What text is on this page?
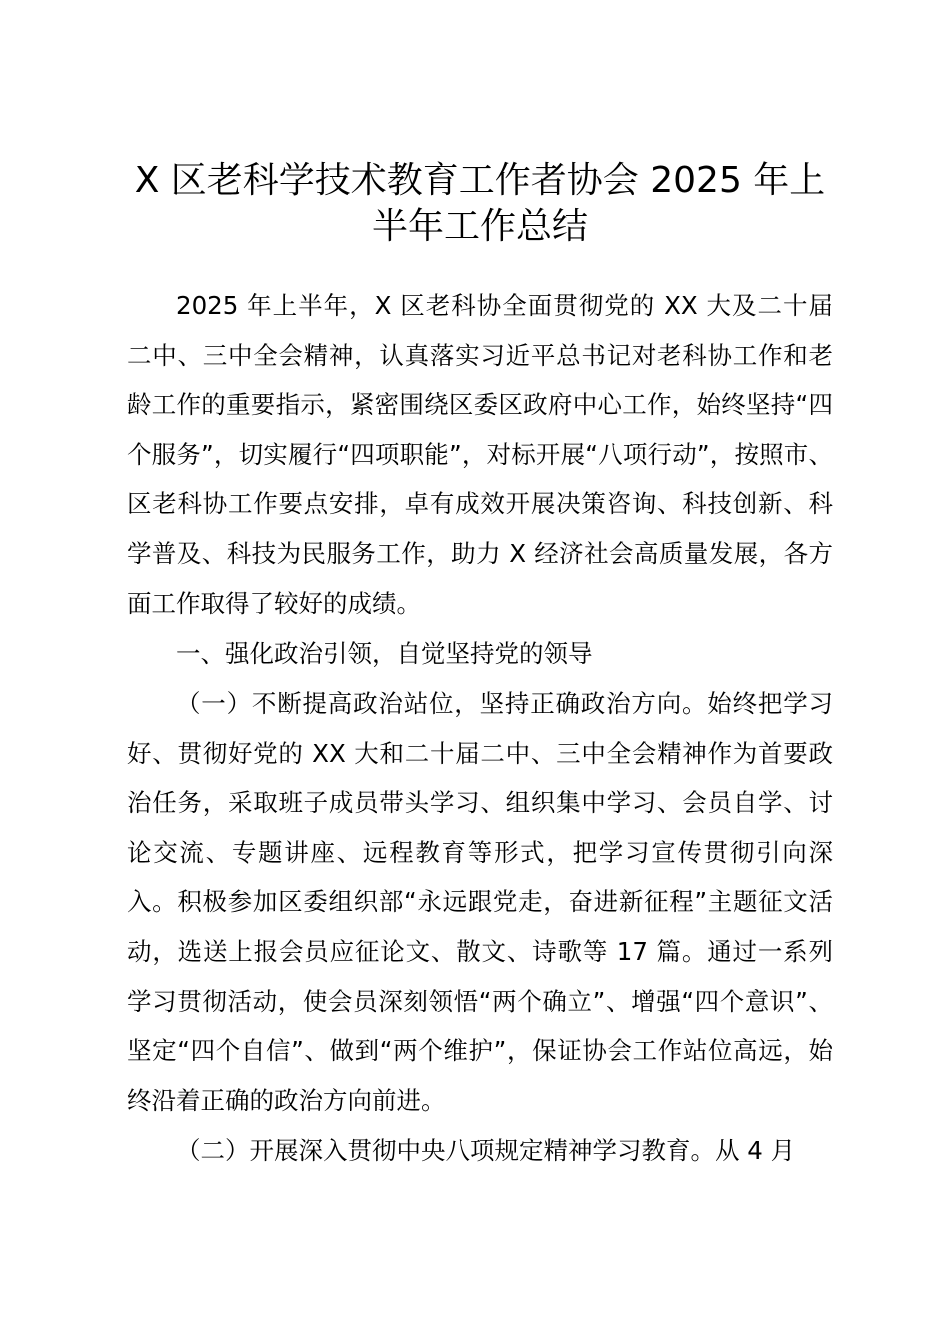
X 区老科学技术教育工作者协会 2025 年上半年工作总结

2025 年上半年，X 区老科协全面贯彻党的 XX 大及二十届二中、三中全会精神，认真落实习近平总书记对老科协工作和老龄工作的重要指示，紧密围绕区委区政府中心工作，始终坚持“四个服务”，切实履行“四项职能”，对标开展“八项行动”，按照市、区老科协工作要点安排，卓有成效开展决策咨询、科技创新、科学普及、科技为民服务工作，助力 X 经济社会高质量发展，各方面工作取得了较好的成绩。

一、强化政治引领，自觉坚持党的领导

（一）不断提高政治站位，坚持正确政治方向。始终把学习好、贯彻好党的 XX 大和二十届二中、三中全会精神作为首要政治任务，采取班子成员带头学习、组织集中学习、会员自学、讨论交流、专题讲座、远程教育等形式，把学习宣传贯彻引向深入。积极参加区委组织部“永远跟党走，奋进新征程”主题征文活动，选送上报会员应征论文、散文、诗歌等 17 篇。通过一系列学习贯彻活动，使会员深刻领悟“两个确立”、增强“四个意识”、坚定“四个自信”、做到“两个维护”，保证协会工作站位高远，始终沿着正确的政治方向前进。

（二）开展深入贯彻中央八项规定精神学习教育。从 4 月
